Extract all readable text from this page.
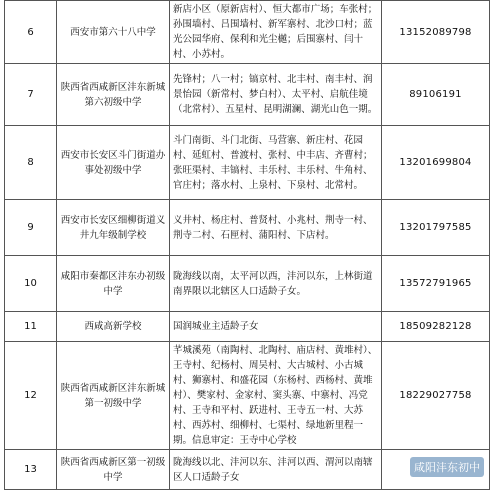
6	西安市第六十八中学	新店小区（原新店村）、恒大都市广场；车张村；孙围墙村、吕围墙村、新军寨村、北沙口村；蓝光公园华府、保利和光尘樾；后围寨村、闫十村、小苏村。	13152089798
7	陕西省西咸新区沣东新城第六初级中学	先锋村；八一村；镐京村、北丰村、南丰村、润景怡园（新常村、梦白村）、太平村、启航佳境（北常村）、五星村、昆明湖澜、湖光山色一期。	89106191
8	西安市长安区斗门街道办事处初级中学	斗门南街、斗门北街、马营寨、新庄村、花园村、延虹村、普渡村、张村、中丰店、齐曹村；张旺渠村、丰镐村、丰乐村、丰乐村、牛角村、官庄村；落水村、上泉村、下泉村、北常村。	13201699804
9	西安市长安区细柳街道义井九年级制学校	义井村、杨庄村、普贤村、小兆村、荆寺一村、荆寺二村、石匣村、蒲阳村、下店村。	13201797585
10	咸阳市秦都区沣东办初级中学	陇海线以南，太平河以西，沣河以东，上林街道南界限以北辖区人口适龄子女。	13572791965
11	西咸高新学校	国润城业主适龄子女	18509282128
12	陕西省西咸新区沣东新城第一初级中学	芊城溪苑（南陶村、北陶村、庙店村、黄堆村）、王寺村、纪杨村、周吴村、大古城村、小古城村、狮寨村、和盛花园（东杨村、西杨村、黄堆村）、樊家村、金家村、窦头寨、中寨村、冯党村、王寺和平村、跃进村、王寺五一村、大苏村、西苏村、细柳村、七渠村、绿地新里程一期。信息审定：王寺中心学校	18229027758
13	陕西省西咸新区第一初级中学	陇海线以北、沣河以东、沣河以西、渭河以南辖区人口适龄子女	
咸阳沣东初中
